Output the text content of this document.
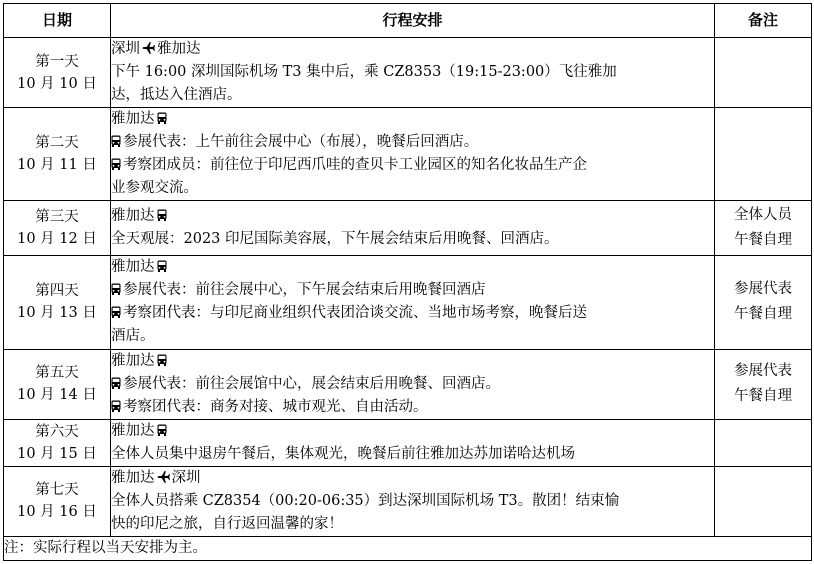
日期	行程安排	备注

第一天
10 月 10 日	深圳 雅加达
下午 16:00 深圳国际机场 T3 集中后，乘 CZ8353（19:15-23:00）飞往雅加
达，抵达入住酒店。	

第二天
10 月 11 日	雅加达
参展代表：上午前往会展中心（布展），晚餐后回酒店。
考察团成员：前往位于印尼西爪哇的查贝卡工业园区的知名化妆品生产企
业参观交流。	

第三天
10 月 12 日	雅加达
全天观展：2023 印尼国际美容展，下午展会结束后用晚餐、回酒店。	全体人员
午餐自理

第四天
10 月 13 日	雅加达
参展代表：前往会展中心，下午展会结束后用晚餐回酒店
考察团代表：与印尼商业组织代表团洽谈交流、当地市场考察，晚餐后送
酒店。	参展代表
午餐自理

第五天
10 月 14 日	雅加达
参展代表：前往会展馆中心，展会结束后用晚餐、回酒店。
考察团代表：商务对接、城市观光、自由活动。	参展代表
午餐自理

第六天
10 月 15 日	雅加达
全体人员集中退房午餐后，集体观光，晚餐后前往雅加达苏加诺哈达机场	

第七天
10 月 16 日	雅加达 深圳
全体人员搭乘 CZ8354（00:20-06:35）到达深圳国际机场 T3。散团！结束愉
快的印尼之旅，自行返回温馨的家！	

注：实际行程以当天安排为主。		
